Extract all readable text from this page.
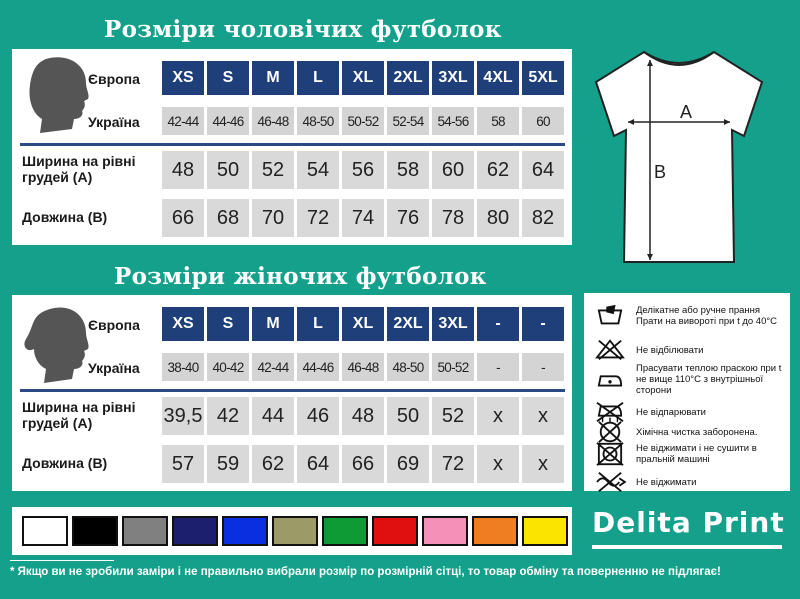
Розміри чоловічих футболок
Європа
Україна
Ширина на рівні грудей (А)
Довжина (В)
XS
42-44
48
66
S
44-46
50
68
M
46-48
52
70
L
48-50
54
72
XL
50-52
56
74
2XL
52-54
58
76
3XL
54-56
60
78
4XL
58
62
80
5XL
60
64
82
A
B
Розміри жіночих футболок
Європа
Україна
Ширина на рівні грудей (А)
Довжина (В)
XS
38-40
39,5
57
S
40-42
42
59
M
42-44
44
62
L
44-46
46
64
XL
46-48
48
66
2XL
48-50
50
69
3XL
50-52
52
72
-
-
x
x
-
-
x
x
Делікатне або ручне прання Прати на вивороті при t до 40°С
Не відбілювати
Прасувати теплою праскою при t не вище 110°С з внутрішньої сторони
Не відпарювати
Хімічна чистка заборонена.
Не віджимати і не сушити в пральній машині
Не віджимати
Delita Print
* Якщо ви не зробили заміри і не правильно вибрали розмір по розмірній сітці, то товар обміну та поверненню не підлягає!
